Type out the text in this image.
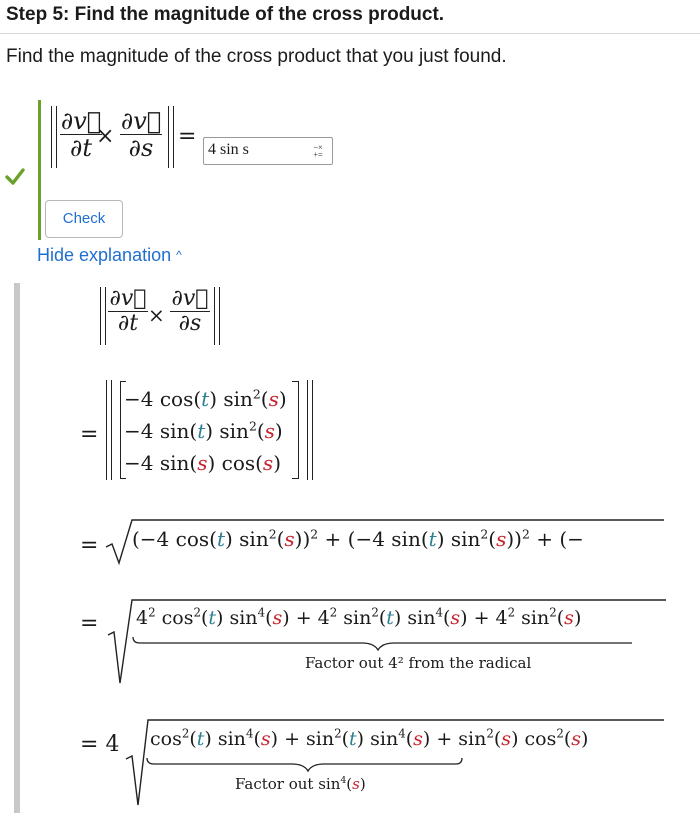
Step 5: Find the magnitude of the cross product.
Find the magnitude of the cross product that you just found.
$\frac{\partial v⃗}{\partial t}$
× $\frac{\partial v⃗}{\partial s}$ =
4 sin s	−×
+=
Check
Hide explanation ^
$\frac{\partial v⃗}{\partial t} \times \frac{\partial v⃗}{\partial s}$
=
−4 cos(t) $\sin^2(s)$
−4 sin(t) $\sin^2(s)$
−4 sin(s) cos(s)
= (−4 cos(t) $\sin^2(s))^2 + (-4$ sin(t) $\sin^2(s))^2$ + (−
= $4^2$ $\cos^2(t) \sin^4(s) + 4^2$ $\sin^2(t) \sin^4(s) + 4^2$ $\sin^2(s)$
Factor out 4² from the radical
= 4 $\cos^2(t) \sin^4(s) + \sin^2(t) \sin^4(s) + \sin^2(s)$ $\cos^2(s)$
Factor out $\sin^4(s)$
